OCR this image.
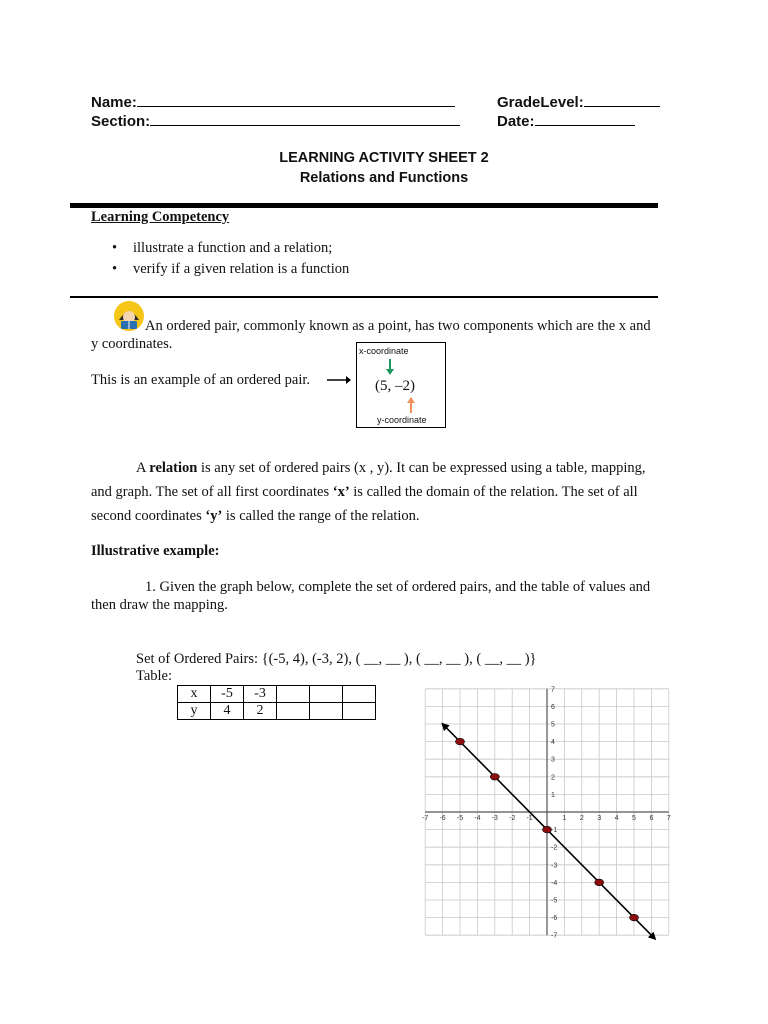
Name:
Section:
GradeLevel:
Date:
LEARNING ACTIVITY SHEET 2
Relations and Functions
Learning Competency
• illustrate a function and a relation;
• verify if a given relation is a function
An ordered pair, commonly known as a point, has two components which are the x and
y coordinates.
This is an example of an ordered pair.
x-coordinate
(5, –2)
y-coordinate
A relation is any set of ordered pairs (x , y). It can be expressed using a table, mapping,
and graph. The set of all first coordinates ‘x’ is called the domain of the relation. The set of all
second coordinates ‘y’ is called the range of the relation.
Illustrative example:
1. Given the graph below, complete the set of ordered pairs, and the table of values and
then draw the mapping.
Set of Ordered Pairs: {(-5, 4), (-3, 2), ( __, __ ), ( __, __ ), ( __, __ )}
Table:
x	-5	-3			
y	4	2			
-7 -6 -5 -4 -3 -2 -1	1 2 3 4 5 6 7
7
6
5
4
3
2
1
-1
-2
-3
-4
-5
-6
-7
